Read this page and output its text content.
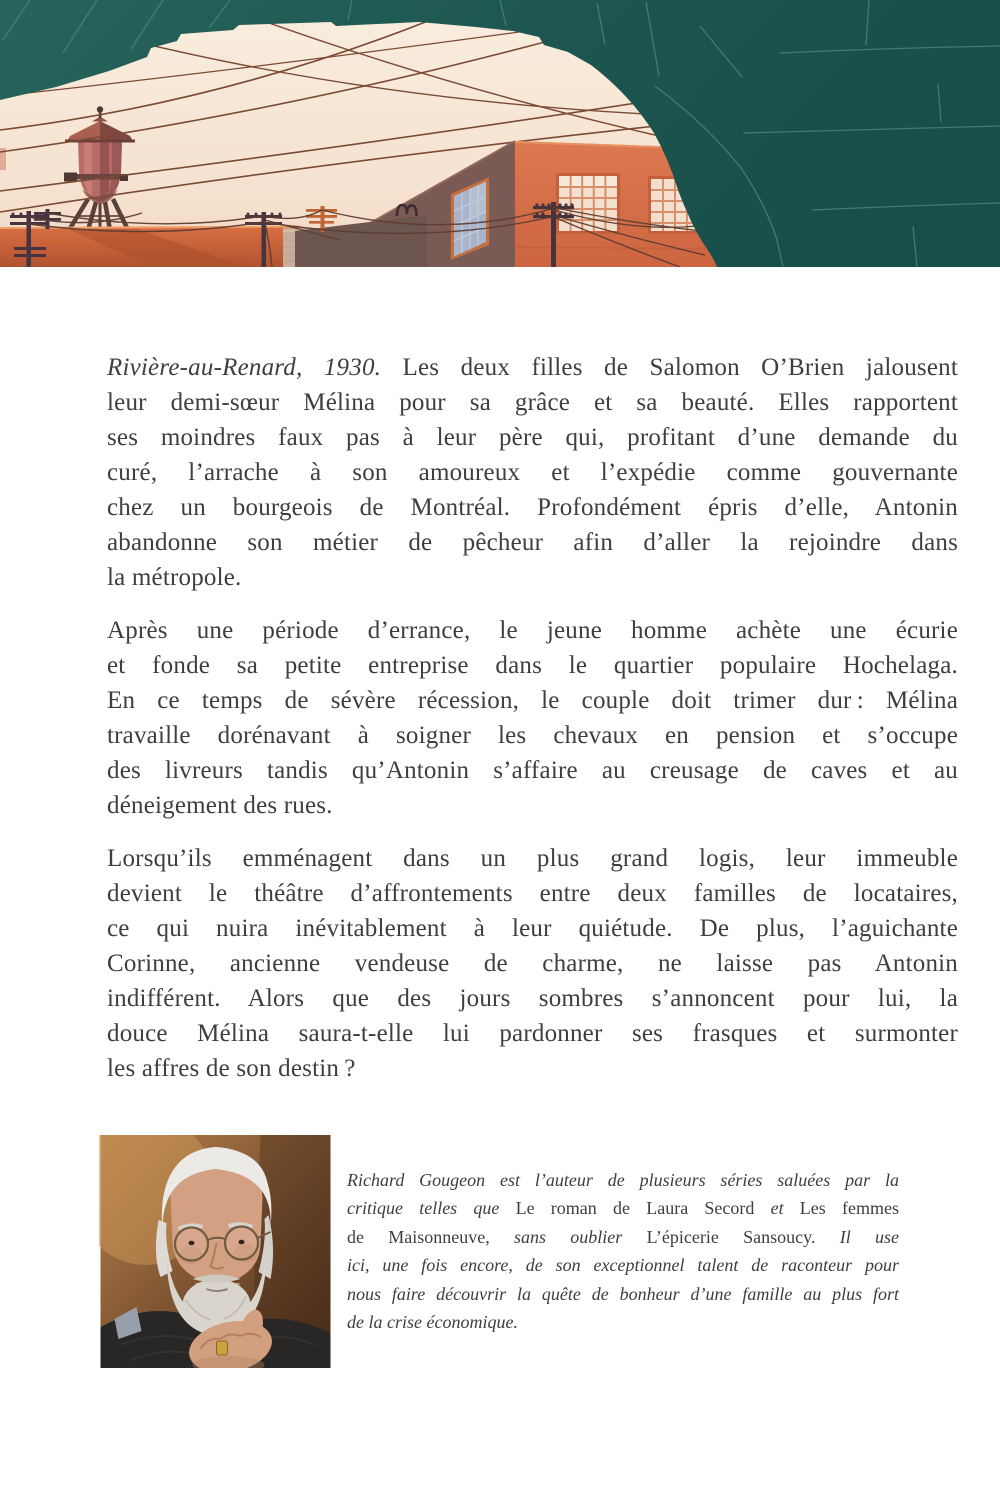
Rivière-au-Renard, 1930. Les deux filles de Salomon O’Brien jalousent
leur demi-sœur Mélina pour sa grâce et sa beauté. Elles rapportent
ses moindres faux pas à leur père qui, profitant d’une demande du
curé, l’arrache à son amoureux et l’expédie comme gouvernante
chez un bourgeois de Montréal. Profondément épris d’elle, Antonin
abandonne son métier de pêcheur afin d’aller la rejoindre dans
la métropole.
Après une période d’errance, le jeune homme achète une écurie
et fonde sa petite entreprise dans le quartier populaire Hochelaga.
En ce temps de sévère récession, le couple doit trimer dur : Mélina
travaille dorénavant à soigner les chevaux en pension et s’occupe
des livreurs tandis qu’Antonin s’affaire au creusage de caves et au
déneigement des rues.
Lorsqu’ils emménagent dans un plus grand logis, leur immeuble
devient le théâtre d’affrontements entre deux familles de locataires,
ce qui nuira inévitablement à leur quiétude. De plus, l’aguichante
Corinne, ancienne vendeuse de charme, ne laisse pas Antonin
indifférent. Alors que des jours sombres s’annoncent pour lui, la
douce Mélina saura-t-elle lui pardonner ses frasques et surmonter
les affres de son destin ?
Richard Gougeon est l’auteur de plusieurs séries saluées par la
critique telles que Le roman de Laura Secord et Les femmes
de Maisonneuve, sans oublier L’épicerie Sansoucy. Il use
ici, une fois encore, de son exceptionnel talent de raconteur pour
nous faire découvrir la quête de bonheur d’une famille au plus fort
de la crise économique.
